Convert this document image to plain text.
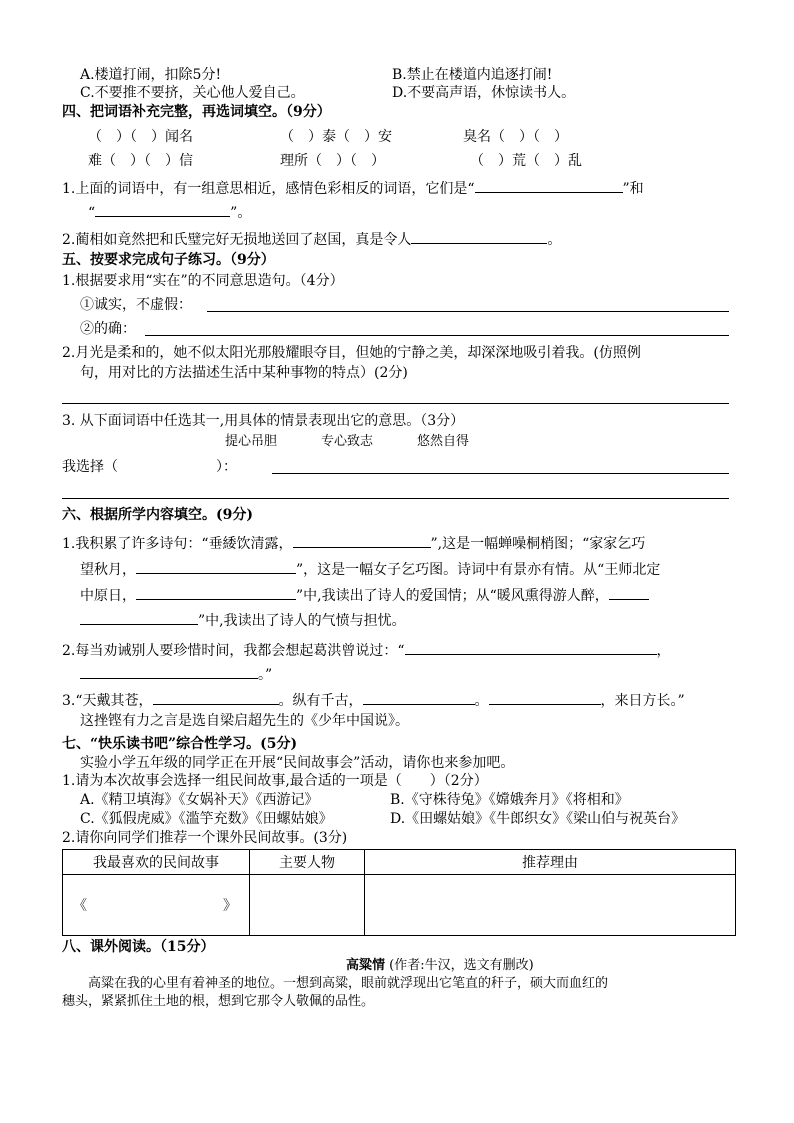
A.楼道打闹，扣除5分!	B.禁止在楼道内追逐打闹!
C.不要推不要挤，关心他人爱自己。	D.不要高声语，休惊读书人。
四、把词语补充完整，再选词填空。（9分）
（　）（　）闻名	（　）泰（　）安	臭名（　）（　）
难（　）（　）信	理所（　）（　）	（　）荒（　）乱
1.上面的词语中，有一组意思相近，感情色彩相反的词语，它们是“	”和
“	”。
2.蔺相如竟然把和氏璧完好无损地送回了赵国，真是令人	。
五、按要求完成句子练习。（9分）
1.根据要求用“实在”的不同意思造句。（4分）
①诚实，不虚假：
②的确：
2.月光是柔和的，她不似太阳光那般耀眼夺目，但她的宁静之美，却深深地吸引着我。(仿照例
句，用对比的方法描述生活中某种事物的特点）(2分)
3. 从下面词语中任选其一,用具体的情景表现出它的意思。（3分）
提心吊胆	专心致志	悠然自得
我选择（　　　　　　　）：
六、根据所学内容填空。(9分)
1.我积累了许多诗句：“垂緌饮清露，	”,这是一幅蝉噪桐梢图；“家家乞巧
望秋月，	”，这是一幅女子乞巧图。诗词中有景亦有情。从“王师北定
中原日，	”中,我读出了诗人的爱国情；从“暖风熏得游人醉，
”中,我读出了诗人的气愤与担忧。
2.每当劝诫别人要珍惜时间，我都会想起葛洪曾说过：“	，
。”
3.“天戴其苍，	。纵有千古，	。	，来日方长。”
这挫铿有力之言是选自梁启超先生的《少年中国说》。
七、“快乐读书吧”综合性学习。(5分)
实验小学五年级的同学正在开展“民间故事会”活动，请你也来参加吧。
1.请为本次故事会选择一组民间故事,最合适的一项是（　　）（2分）
A.《精卫填海》《女娲补天》《西游记》	B.《守株待兔》《嫦娥奔月》《将相和》
C.《狐假虎威》《滥竽充数》《田螺姑娘》	D.《田螺姑娘》《牛郎织女》《梁山伯与祝英台》
2.请你向同学们推荐一个课外民间故事。(3分)
我最喜欢的民间故事	主要人物	推荐理由

《 》		

八、课外阅读。（15分）
高粱情 (作者:牛汉，选文有删改)
高粱在我的心里有着神圣的地位。一想到高粱，眼前就浮现出它笔直的秆子，硕大而血红的
穗头，紧紧抓住土地的根，想到它那令人敬佩的品性。
